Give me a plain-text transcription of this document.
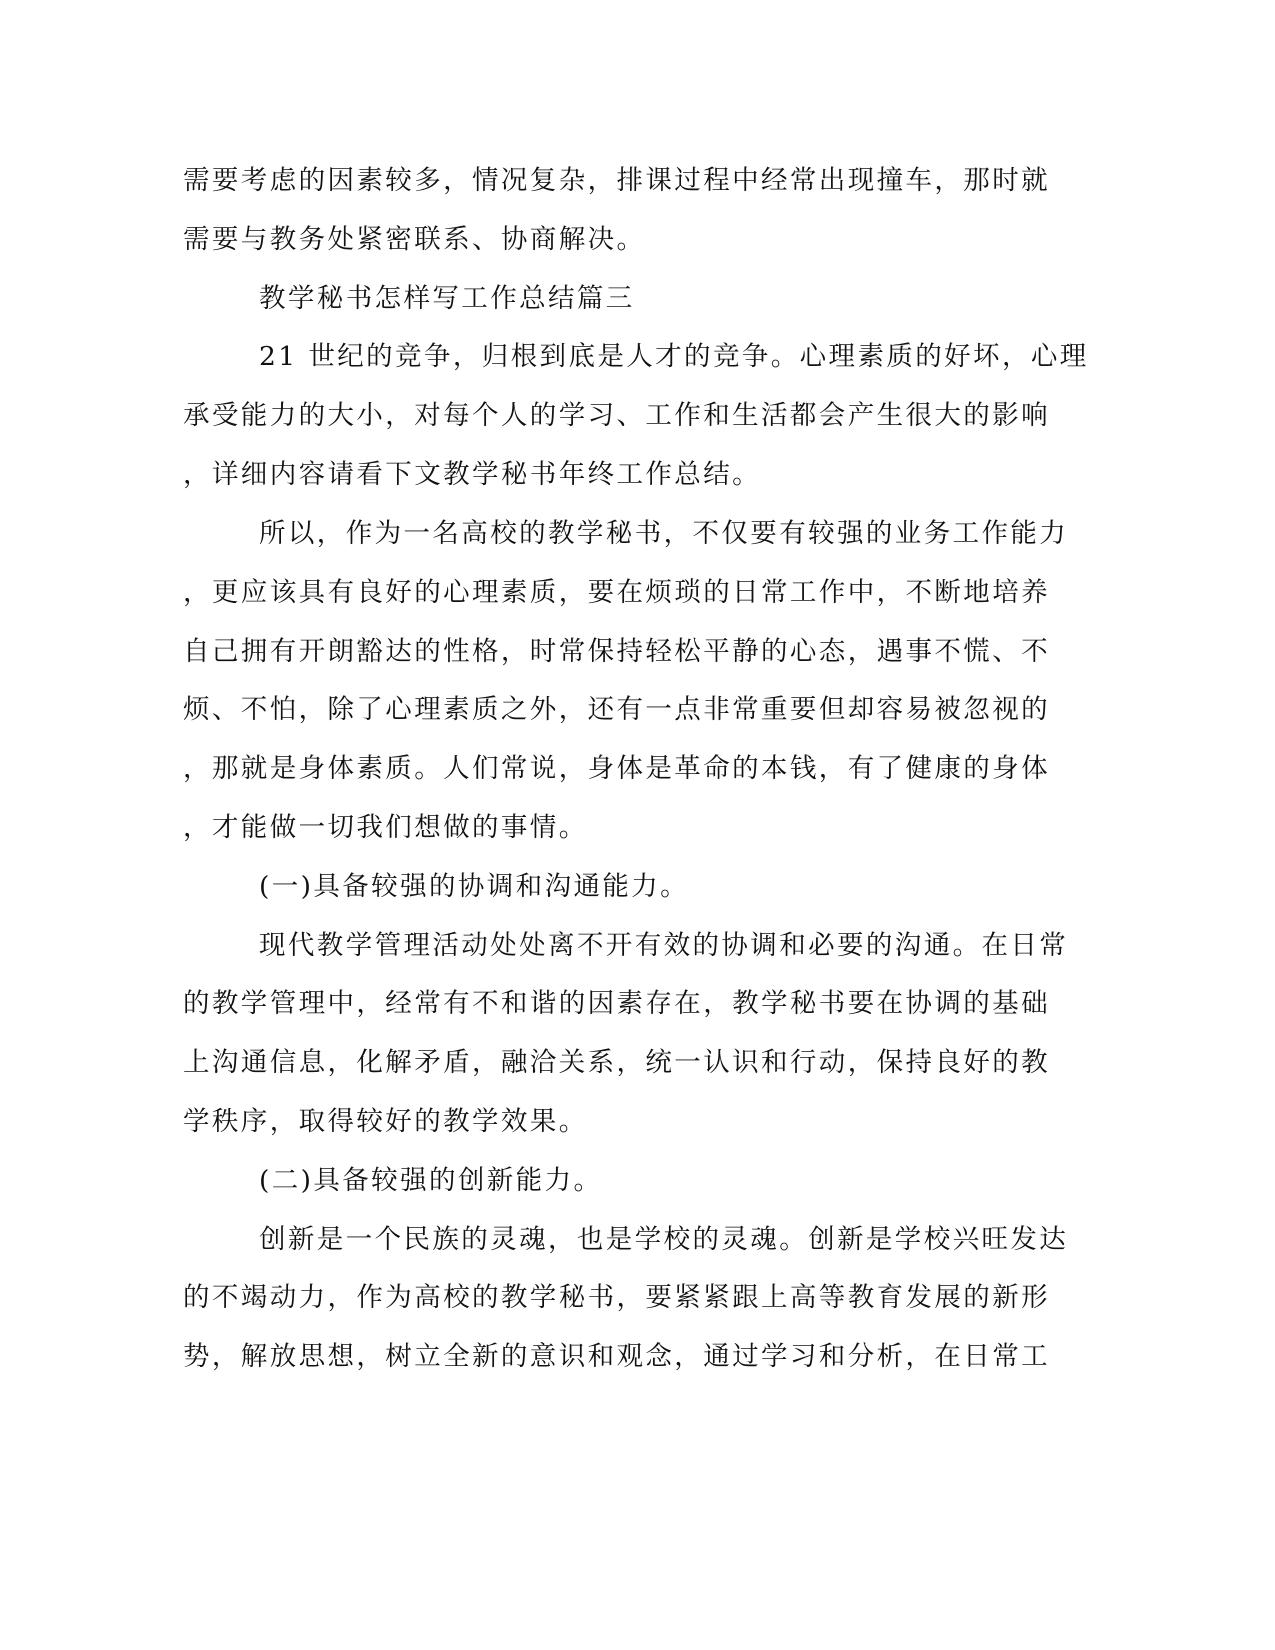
需要考虑的因素较多，情况复杂，排课过程中经常出现撞车，那时就

需要与教务处紧密联系、协商解决。

教学秘书怎样写工作总结篇三

21 世纪的竞争，归根到底是人才的竞争。心理素质的好坏，心理

承受能力的大小，对每个人的学习、工作和生活都会产生很大的影响

，详细内容请看下文教学秘书年终工作总结。

所以，作为一名高校的教学秘书，不仅要有较强的业务工作能力

，更应该具有良好的心理素质，要在烦琐的日常工作中，不断地培养

自己拥有开朗豁达的性格，时常保持轻松平静的心态，遇事不慌、不

烦、不怕，除了心理素质之外，还有一点非常重要但却容易被忽视的

，那就是身体素质。人们常说，身体是革命的本钱，有了健康的身体

，才能做一切我们想做的事情。

(一)具备较强的协调和沟通能力。

现代教学管理活动处处离不开有效的协调和必要的沟通。在日常

的教学管理中，经常有不和谐的因素存在，教学秘书要在协调的基础

上沟通信息，化解矛盾，融洽关系，统一认识和行动，保持良好的教

学秩序，取得较好的教学效果。

(二)具备较强的创新能力。

创新是一个民族的灵魂，也是学校的灵魂。创新是学校兴旺发达

的不竭动力，作为高校的教学秘书，要紧紧跟上高等教育发展的新形

势，解放思想，树立全新的意识和观念，通过学习和分析，在日常工
